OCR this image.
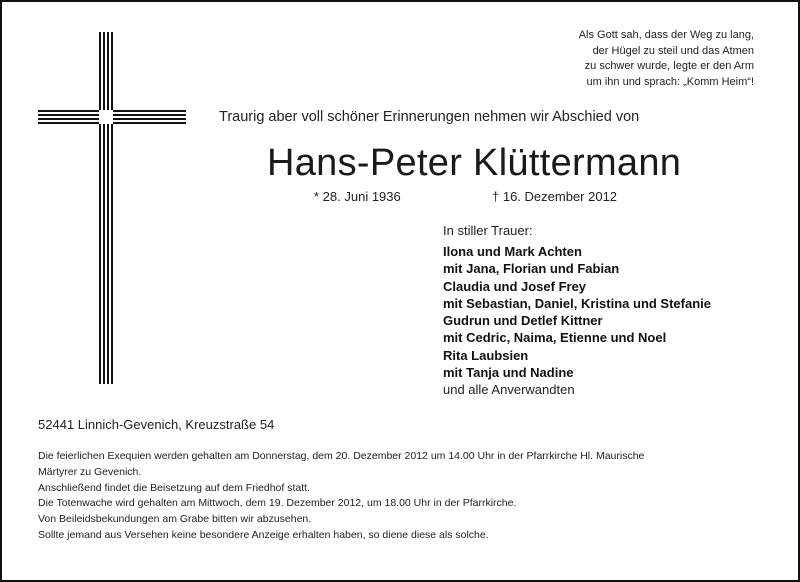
Als Gott sah, dass der Weg zu lang,
der Hügel zu steil und das Atmen
zu schwer wurde, legte er den Arm
um ihn und sprach: „Komm Heim“!
Traurig aber voll schöner Erinnerungen nehmen wir Abschied von
Hans-Peter Klüttermann
* 28. Juni 1936	† 16. Dezember 2012
In stiller Trauer:
Ilona und Mark Achten
mit Jana, Florian und Fabian
Claudia und Josef Frey
mit Sebastian, Daniel, Kristina und Stefanie
Gudrun und Detlef Kittner
mit Cedric, Naima, Etienne und Noel
Rita Laubsien
mit Tanja und Nadine
und alle Anverwandten
52441 Linnich-Gevenich, Kreuzstraße 54

Die feierlichen Exequien werden gehalten am Donnerstag, dem 20. Dezember 2012 um 14.00 Uhr in der Pfarrkirche Hl. Maurische

Märtyrer zu Gevenich.

Anschließend findet die Beisetzung auf dem Friedhof statt.

Die Totenwache wird gehalten am Mittwoch, dem 19. Dezember 2012, um 18.00 Uhr in der Pfarrkirche.

Von Beileidsbekundungen am Grabe bitten wir abzusehen.

Sollte jemand aus Versehen keine besondere Anzeige erhalten haben, so diene diese als solche.
